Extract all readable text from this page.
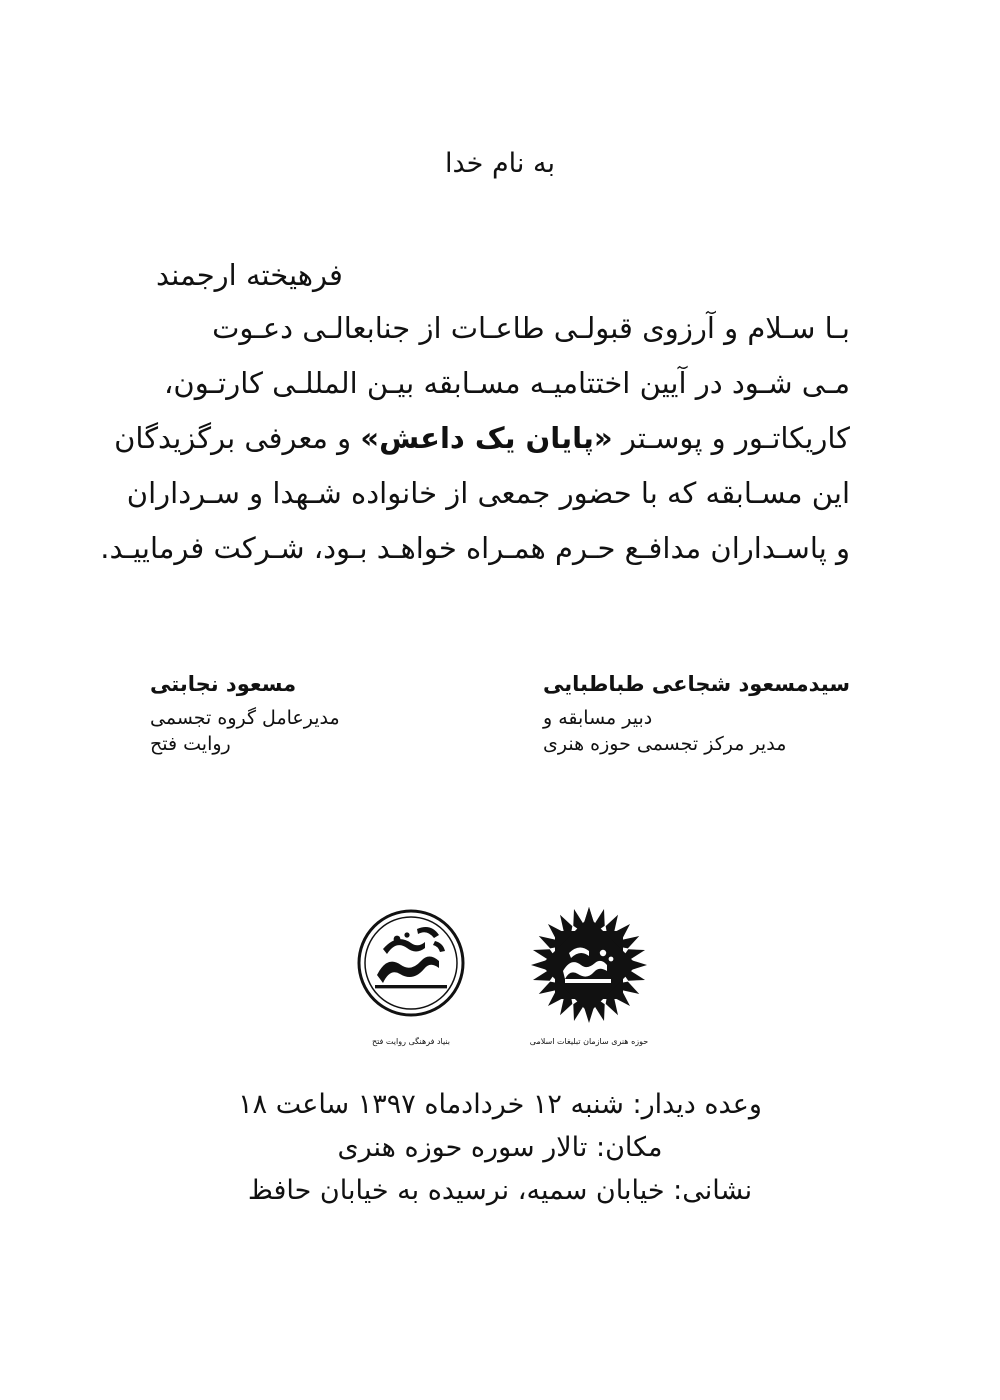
به نام خدا

فرهیخته ارجمند

بـا سـلام و آرزوی قبولـی طاعـات از جنابعالـی دعـوت

مـی شـود در آیین اختتامیـه مسـابقه بیـن المللـی کارتـون،

کاریکاتـور و پوسـتر «پایان یک داعش» و معرفی برگزیدگان

این مسـابقه که با حضور جمعی از خانواده شـهدا و سـرداران

و پاسـداران مدافـع حـرم همـراه خواهـد بـود، شـرکت فرماییـد.

سیدمسعود شجاعی طباطبایی

دبیر مسابقه و

مدیر مرکز تجسمی حوزه هنری

مسعود نجابتی

مدیرعامل گروه تجسمی

روایت فتح

حوزه هنری سازمان تبلیغات اسلامی
بنیاد فرهنگی روایت فتح

وعده دیدار: شنبه ۱۲ خردادماه ۱۳۹۷ ساعت ۱۸

مکان: تالار سوره حوزه هنری

نشانی: خیابان سمیه، نرسیده به خیابان حافظ
